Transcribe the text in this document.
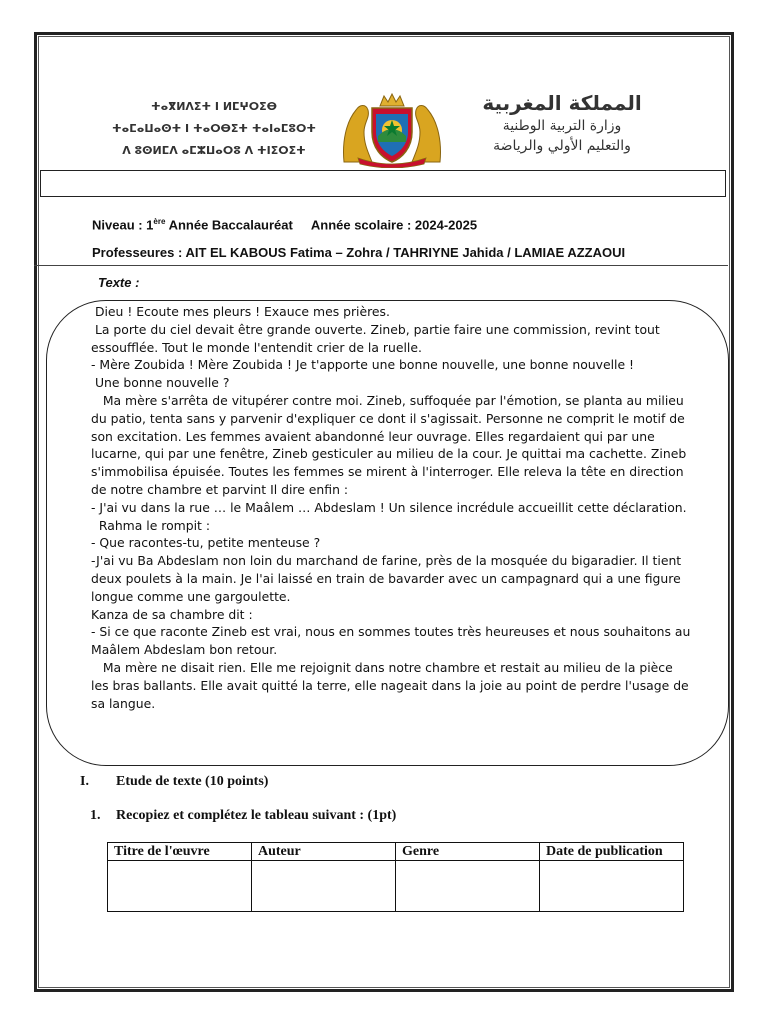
ⵜⴰⴳⵍⴷⵉⵜ ⵏ ⵍⵎⵖⵔⵉⴱ
ⵜⴰⵎⴰⵡⴰⵙⵜ ⵏ ⵜⴰⵔⴱⵉⵜ ⵜⴰⵏⴰⵎⵓⵔⵜ
ⴷ ⵓⵙⵍⵎⴷ ⴰⵎⵣⵡⴰⵔⵓ ⴷ ⵜⵏⵉⵔⵉⵜ
المملكة المغربية
وزارة التربية الوطنية
والتعليم الأولي والرياضة
Niveau : 1ère Année Baccalauréat Année scolaire : 2024-2025
Professeures : AIT EL KABOUS Fatima – Zohra / TAHRIYNE Jahida / LAMIAE AZZAOUI
Texte :

Dieu ! Ecoute mes pleurs ! Exauce mes prières.

La porte du ciel devait être grande ouverte. Zineb, partie faire une commission, revint tout essoufflée. Tout le monde l'entendit crier de la ruelle.

- Mère Zoubida ! Mère Zoubida ! Je t'apporte une bonne nouvelle, une bonne nouvelle !

Une bonne nouvelle ?

Ma mère s'arrêta de vitupérer contre moi. Zineb, suffoquée par l'émotion, se planta au milieu du patio, tenta sans y parvenir d'expliquer ce dont il s'agissait. Personne ne comprit le motif de son excitation. Les femmes avaient abandonné leur ouvrage. Elles regardaient qui par une lucarne, qui par une fenêtre, Zineb gesticuler au milieu de la cour. Je quittai ma cachette. Zineb s'immobilisa épuisée. Toutes les femmes se mirent à l'interroger. Elle releva la tête en direction de notre chambre et parvint Il dire enfin :

- J'ai vu dans la rue … le Maâlem … Abdeslam ! Un silence incrédule accueillit cette déclaration.

Rahma le rompit :

- Que racontes-tu, petite menteuse ?

-J'ai vu Ba Abdeslam non loin du marchand de farine, près de la mosquée du bigaradier. Il tient deux poulets à la main. Je l'ai laissé en train de bavarder avec un campagnard qui a une figure longue comme une gargoulette.

Kanza de sa chambre dit :

- Si ce que raconte Zineb est vrai, nous en sommes toutes très heureuses et nous souhaitons au Maâlem Abdeslam bon retour.

Ma mère ne disait rien. Elle me rejoignit dans notre chambre et restait au milieu de la pièce les bras ballants. Elle avait quitté la terre, elle nageait dans la joie au point de perdre l'usage de sa langue.

I. Etude de texte (10 points)
1. Recopiez et complétez le tableau suivant : (1pt)
Titre de l'œuvre	Auteur	Genre	Date de publication
